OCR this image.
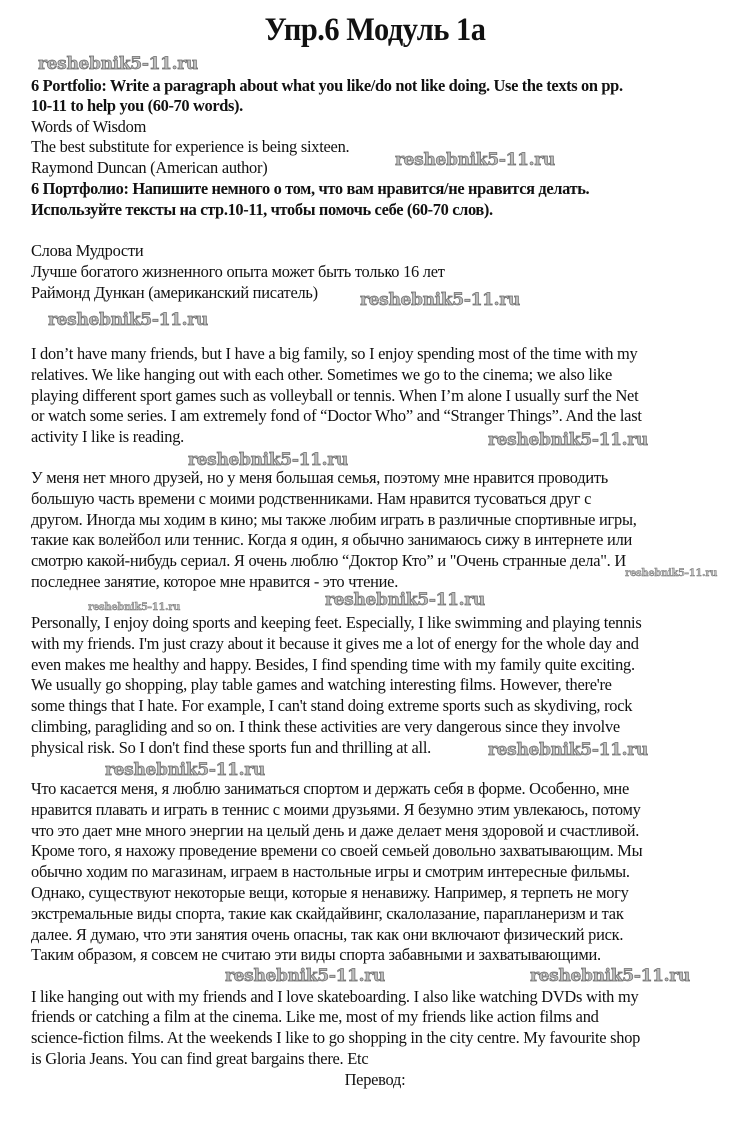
Упр.6 Модуль 1а
reshebnik5-11.ru
reshebnik5-11.ru
reshebnik5-11.ru
reshebnik5-11.ru
reshebnik5-11.ru
reshebnik5-11.ru
reshebnik5-11.ru
reshebnik5-11.ru
reshebnik5-11.ru
reshebnik5-11.ru
reshebnik5-11.ru
reshebnik5-11.ru	reshebnik5-11.ru
6 Portfolio: Write a paragraph about what you like/do not like doing. Use the texts on pp.
10-11 to help you (60-70 words).
Words of Wisdom
The best substitute for experience is being sixteen.
Raymond Duncan (American author)
6 Портфолио: Напишите немного о том, что вам нравится/не нравится делать.
Используйте тексты на стр.10-11, чтобы помочь себе (60-70 слов).
Слова Мудрости
Лучше богатого жизненного опыта может быть только 16 лет
Раймонд Дункан (американский писатель)
I don’t have many friends, but I have a big family, so I enjoy spending most of the time with my
relatives. We like hanging out with each other. Sometimes we go to the cinema; we also like
playing different sport games such as volleyball or tennis. When I’m alone I usually surf the Net
or watch some series. I am extremely fond of “Doctor Who” and “Stranger Things”. And the last
activity I like is reading.
У меня нет много друзей, но у меня большая семья, поэтому мне нравится проводить
большую часть времени с моими родственниками. Нам нравится тусоваться друг с
другом. Иногда мы ходим в кино; мы также любим играть в различные спортивные игры,
такие как волейбол или теннис. Когда я один, я обычно занимаюсь сижу в интернете или
смотрю какой-нибудь сериал. Я очень люблю “Доктор Кто” и "Очень странные дела". И
последнее занятие, которое мне нравится - это чтение.
Personally, I enjoy doing sports and keeping feet. Especially, I like swimming and playing tennis
with my friends. I'm just crazy about it because it gives me a lot of energy for the whole day and
even makes me healthy and happy. Besides, I find spending time with my family quite exciting.
We usually go shopping, play table games and watching interesting films. However, there're
some things that I hate. For example, I can't stand doing extreme sports such as skydiving, rock
climbing, paragliding and so on. I think these activities are very dangerous since they involve
physical risk. So I don't find these sports fun and thrilling at all.
Что касается меня, я люблю заниматься спортом и держать себя в форме. Особенно, мне
нравится плавать и играть в теннис с моими друзьями. Я безумно этим увлекаюсь, потому
что это дает мне много энергии на целый день и даже делает меня здоровой и счастливой.
Кроме того, я нахожу проведение времени со своей семьей довольно захватывающим. Мы
обычно ходим по магазинам, играем в настольные игры и смотрим интересные фильмы.
Однако, существуют некоторые вещи, которые я ненавижу. Например, я терпеть не могу
экстремальные виды спорта, такие как скайдайвинг, скалолазание, парапланеризм и так
далее. Я думаю, что эти занятия очень опасны, так как они включают физический риск.
Таким образом, я совсем не считаю эти виды спорта забавными и захватывающими.
I like hanging out with my friends and I love skateboarding. I also like watching DVDs with my
friends or catching a film at the cinema. Like me, most of my friends like action films and
science-fiction films. At the weekends I like to go shopping in the city centre. My favourite shop
is Gloria Jeans. You can find great bargains there. Etc
Перевод:
